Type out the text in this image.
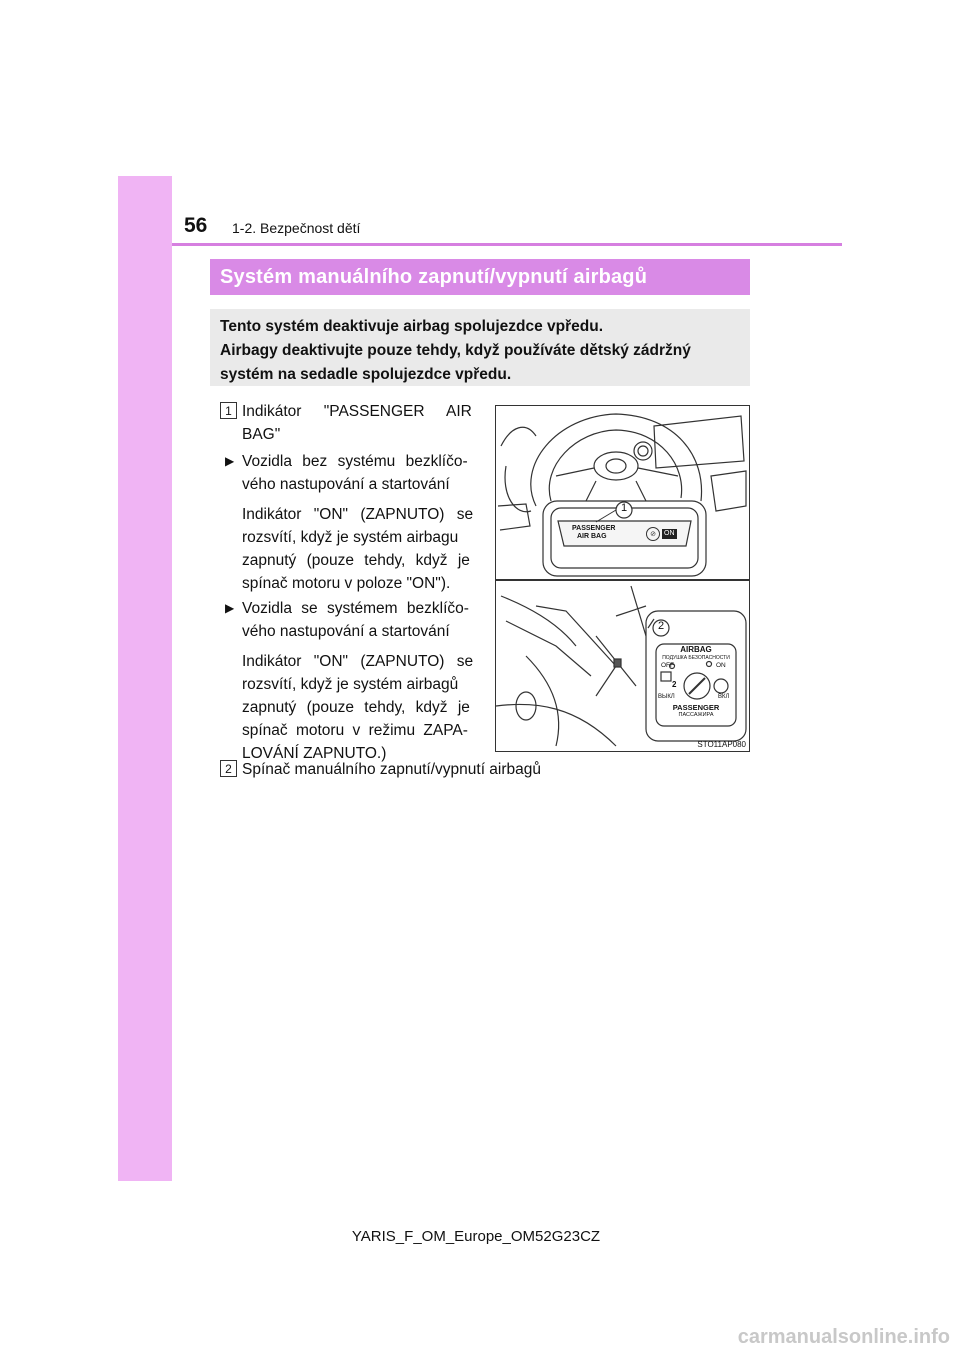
56 1-2. Bezpečnost dětí
Systém manuálního zapnutí/vypnutí airbagů
Tento systém deaktivuje airbag spolujezdce vpředu.
Airbagy deaktivujte pouze tehdy, když používáte dětský zádržný
systém na sedadle spolujezdce vpředu.
1 Indikátor "PASSENGER AIR
BAG"
▶ Vozidla bez systému bezklíčo-
vého nastupování a startování
Indikátor "ON" (ZAPNUTO) se
rozsvítí, když je systém airbagu
zapnutý (pouze tehdy, když je
spínač motoru v poloze "ON").
▶ Vozidla se systémem bezklíčo-
vého nastupování a startování
Indikátor "ON" (ZAPNUTO) se
rozsvítí, když je systém airbagů
zapnutý (pouze tehdy, když je
spínač motoru v režimu ZAPA-
LOVÁNÍ ZAPNUTO.)
2 Spínač manuálního zapnutí/vypnutí airbagů
1
2
PASSENGER
AIR BAG	⊘	ON
AIRBAG
ПОДУШКА БЕЗОПАСНОСТИ
OFF	ON
2
ВЫКЛ	ВКЛ
PASSENGER
ПАССАЖИРА
STO11AP080
YARIS_F_OM_Europe_OM52G23CZ
carmanualsonline.info
